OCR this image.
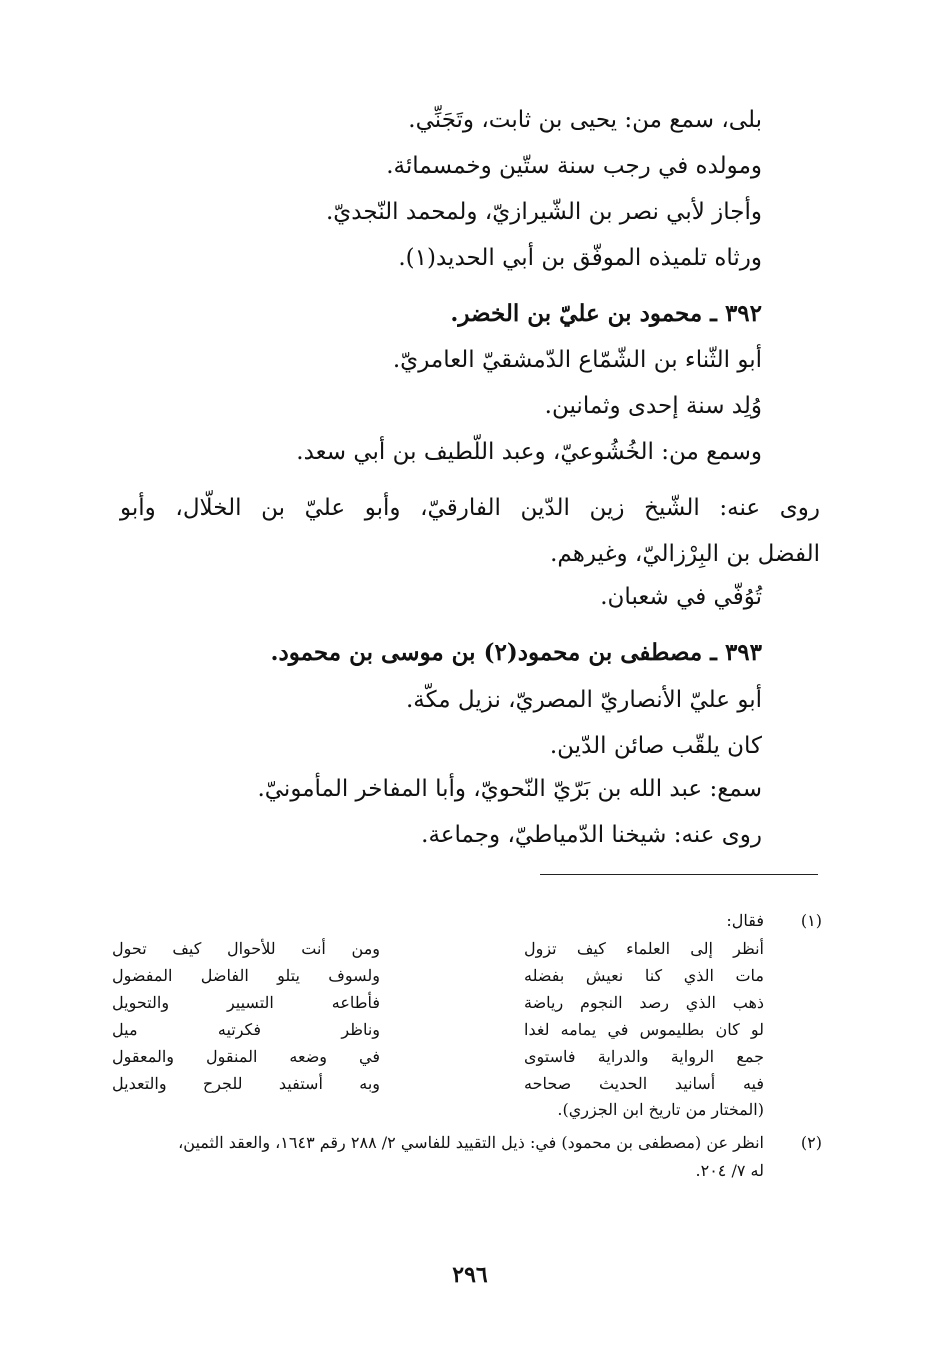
بلى، سمع من: يحيى بن ثابت، وتَجَنِّي.
ومولده في رجب سنة ستّين وخمسمائة.
وأجاز لأبي نصر بن الشّيرازيّ، ولمحمد النّجديّ.
ورثاه تلميذه الموفّق بن أبي الحديد(١).
٣٩٢ ـ محمود بن عليّ بن الخضر.
أبو الثّناء بن الشّمّاع الدّمشقيّ العامريّ.
وُلِد سنة إحدى وثمانين.
وسمع من: الخُشُوعيّ، وعبد اللّطيف بن أبي سعد.
روى عنه: الشّيخ زين الدّين الفارقيّ، وأبو عليّ بن الخلّال، وأبو
الفضل بن البِرْزاليّ، وغيرهم.
تُوُفّي في شعبان.
٣٩٣ ـ مصطفى بن محمود(٢) بن موسى بن محمود.
أبو عليّ الأنصاريّ المصريّ، نزيل مكّة.
كان يلقّب صائن الدّين.
سمع: عبد الله بن بَرّيّ النّحويّ، وأبا المفاخر المأمونيّ.
روى عنه: شيخنا الدّمياطيّ، وجماعة.
(١)
فقال:
أنظر إلى العلماء كيف تزول
ومن أنت للأحوال كيف تحول
مات الذي كنا نعيش بفضله
ولسوف يتلو الفاضل المفضول
ذهب الذي رصد النجوم رياضة
فأطاعه التسيير والتحويل
لو كان بطليموس في يمامه لغدا
وناظر فكرتيه ميل
جمع الرواية والدراية فاستوى
في وضعه المنقول والمعقول
فيه أسانيد الحديث صحاحه
وبه أستفيد للجرح والتعديل
(المختار من تاريخ ابن الجزري).
(٢)
انظر عن (مصطفى بن محمود) في: ذيل التقييد للفاسي ٢/ ٢٨٨ رقم ١٦٤٣، والعقد الثمين،
له ٧/ ٢٠٤.
٢٩٦
